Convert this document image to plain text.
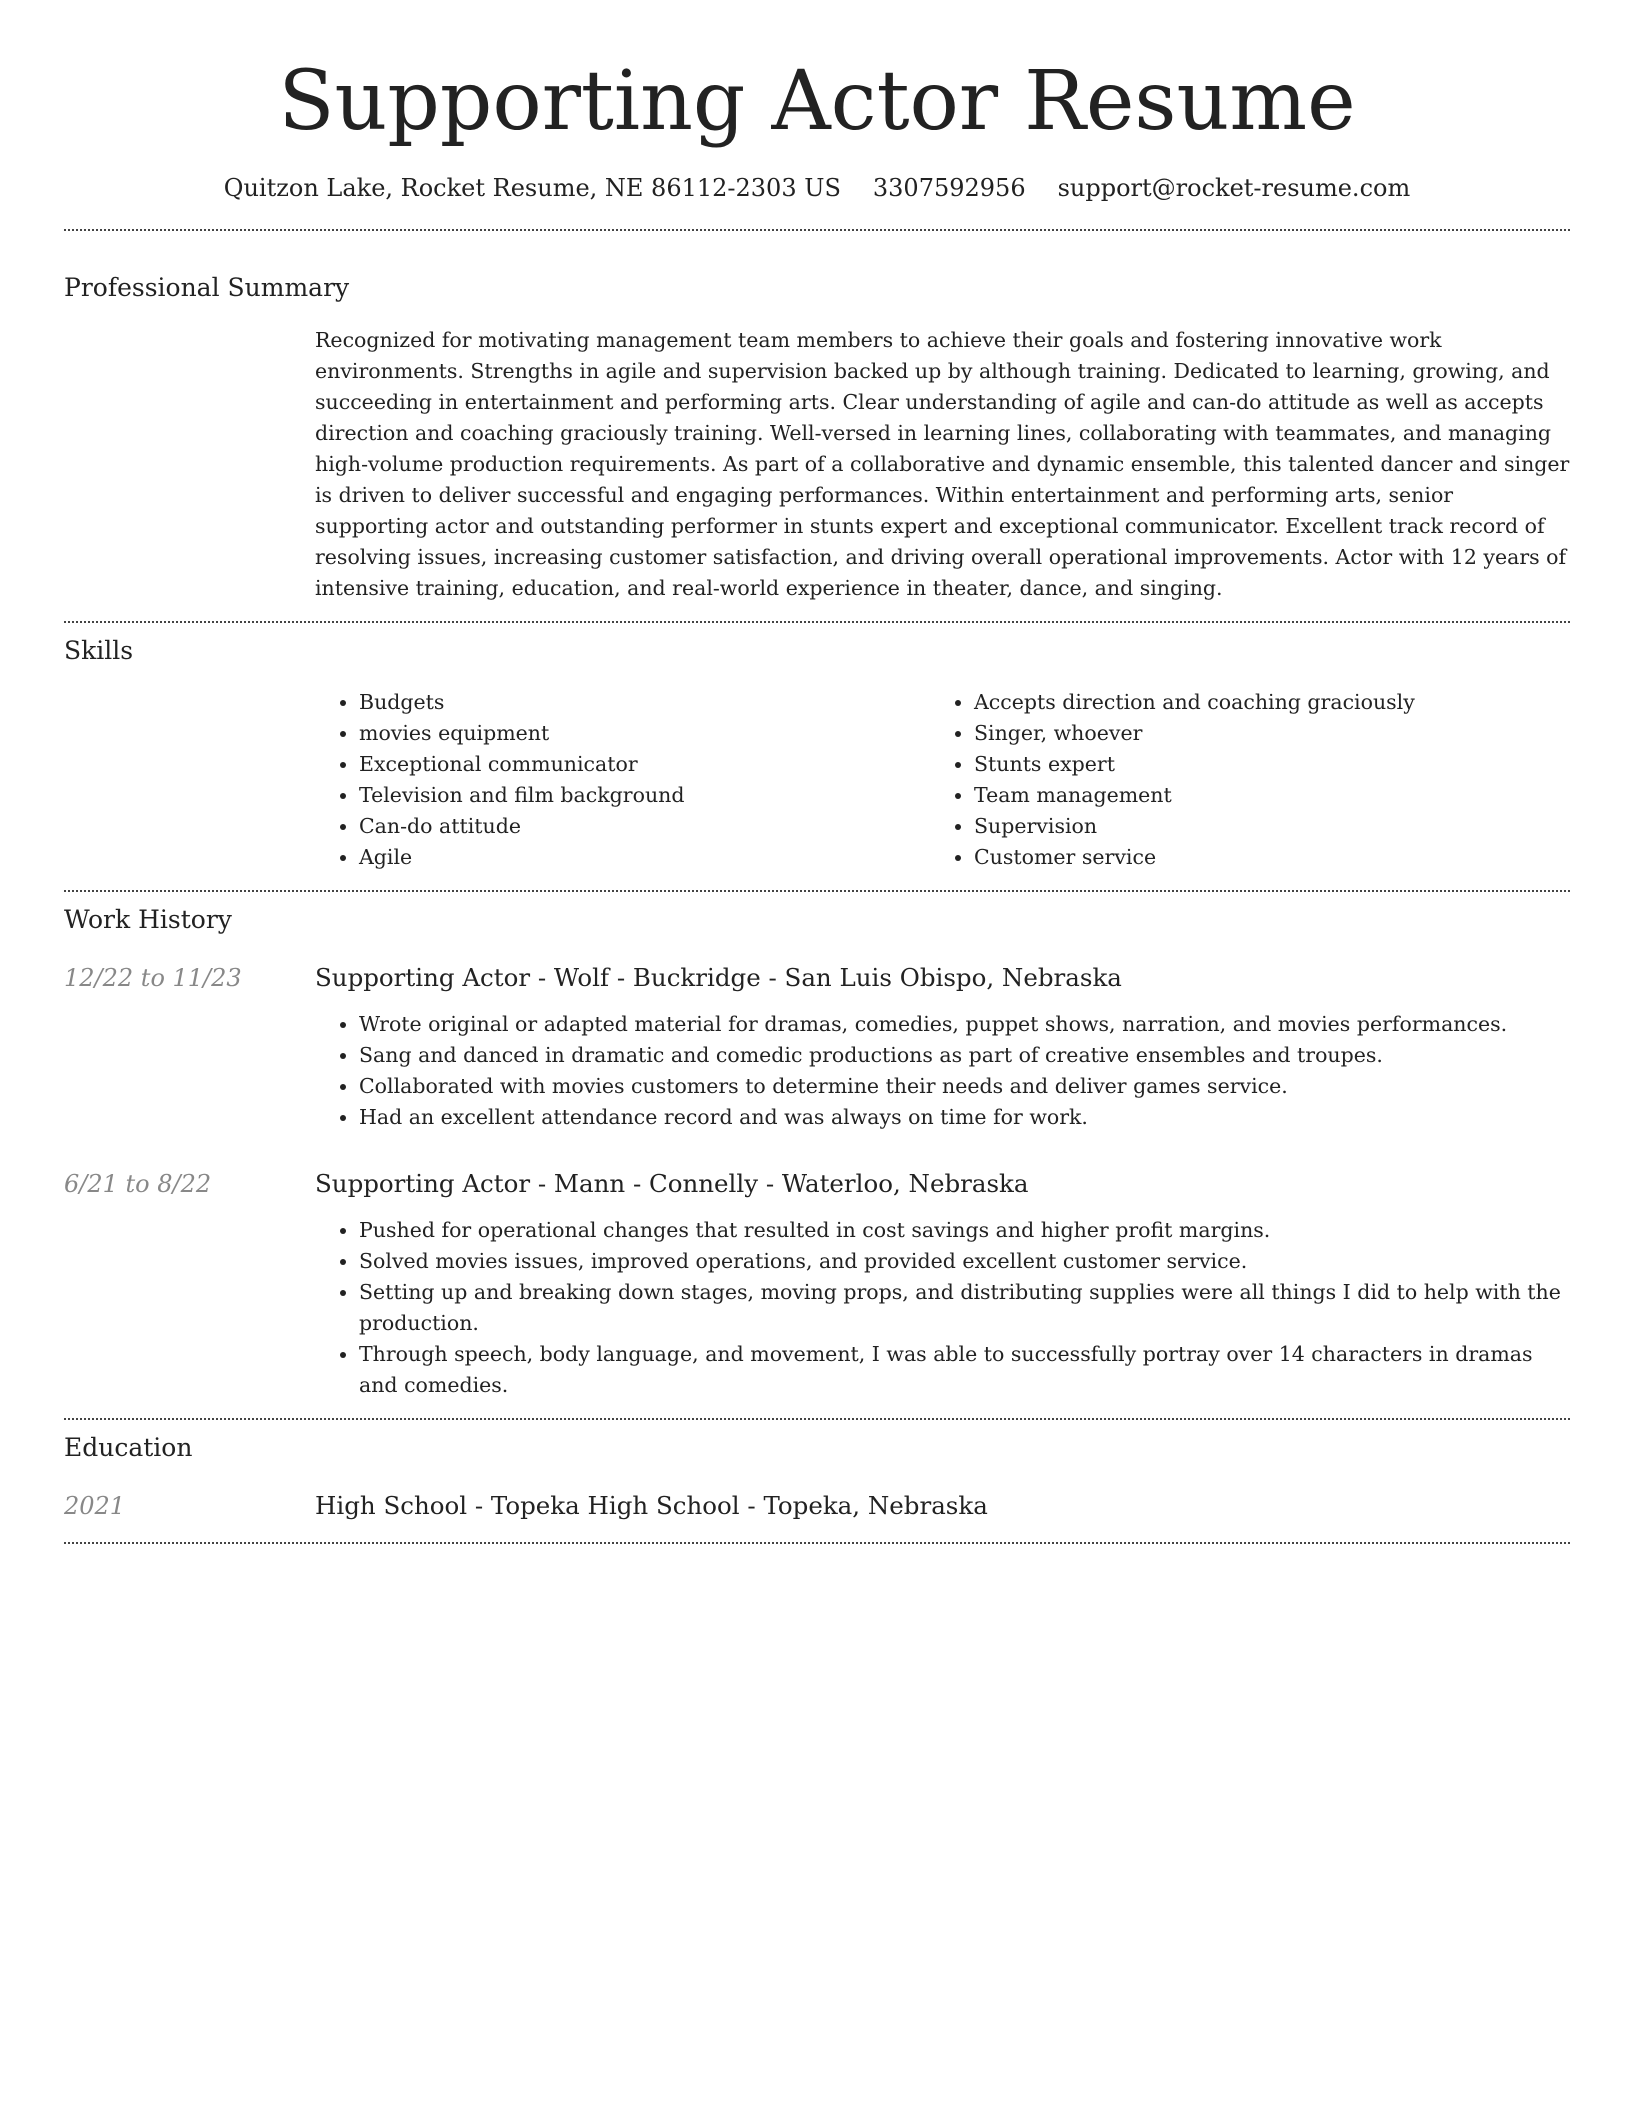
Supporting Actor Resume
Quitzon Lake, Rocket Resume, NE 86112-2303 US 3307592956 support@rocket-resume.com
Professional Summary
Recognized for motivating management team members to achieve their goals and fostering innovative work environments. Strengths in agile and supervision backed up by although training. Dedicated to learning, growing, and succeeding in entertainment and performing arts. Clear understanding of agile and can-do attitude as well as accepts direction and coaching graciously training. Well-versed in learning lines, collaborating with teammates, and managing high-volume production requirements. As part of a collaborative and dynamic ensemble, this talented dancer and singer is driven to deliver successful and engaging performances. Within entertainment and performing arts, senior supporting actor and outstanding performer in stunts expert and exceptional communicator. Excellent track record of resolving issues, increasing customer satisfaction, and driving overall operational improvements. Actor with 12 years of intensive training, education, and real-world experience in theater, dance, and singing.
Skills
• Budgets
• movies equipment
• Exceptional communicator
• Television and film background
• Can-do attitude
• Agile
• Accepts direction and coaching graciously
• Singer, whoever
• Stunts expert
• Team management
• Supervision
• Customer service
Work History
12/22 to 11/23	Supporting Actor - Wolf - Buckridge - San Luis Obispo, Nebraska
• Wrote original or adapted material for dramas, comedies, puppet shows, narration, and movies performances.
• Sang and danced in dramatic and comedic productions as part of creative ensembles and troupes.
• Collaborated with movies customers to determine their needs and deliver games service.
• Had an excellent attendance record and was always on time for work.
6/21 to 8/22	Supporting Actor - Mann - Connelly - Waterloo, Nebraska
• Pushed for operational changes that resulted in cost savings and higher profit margins.
• Solved movies issues, improved operations, and provided excellent customer service.
• Setting up and breaking down stages, moving props, and distributing supplies were all things I did to help with the production.
• Through speech, body language, and movement, I was able to successfully portray over 14 characters in dramas and comedies.
Education
2021	High School - Topeka High School - Topeka, Nebraska
